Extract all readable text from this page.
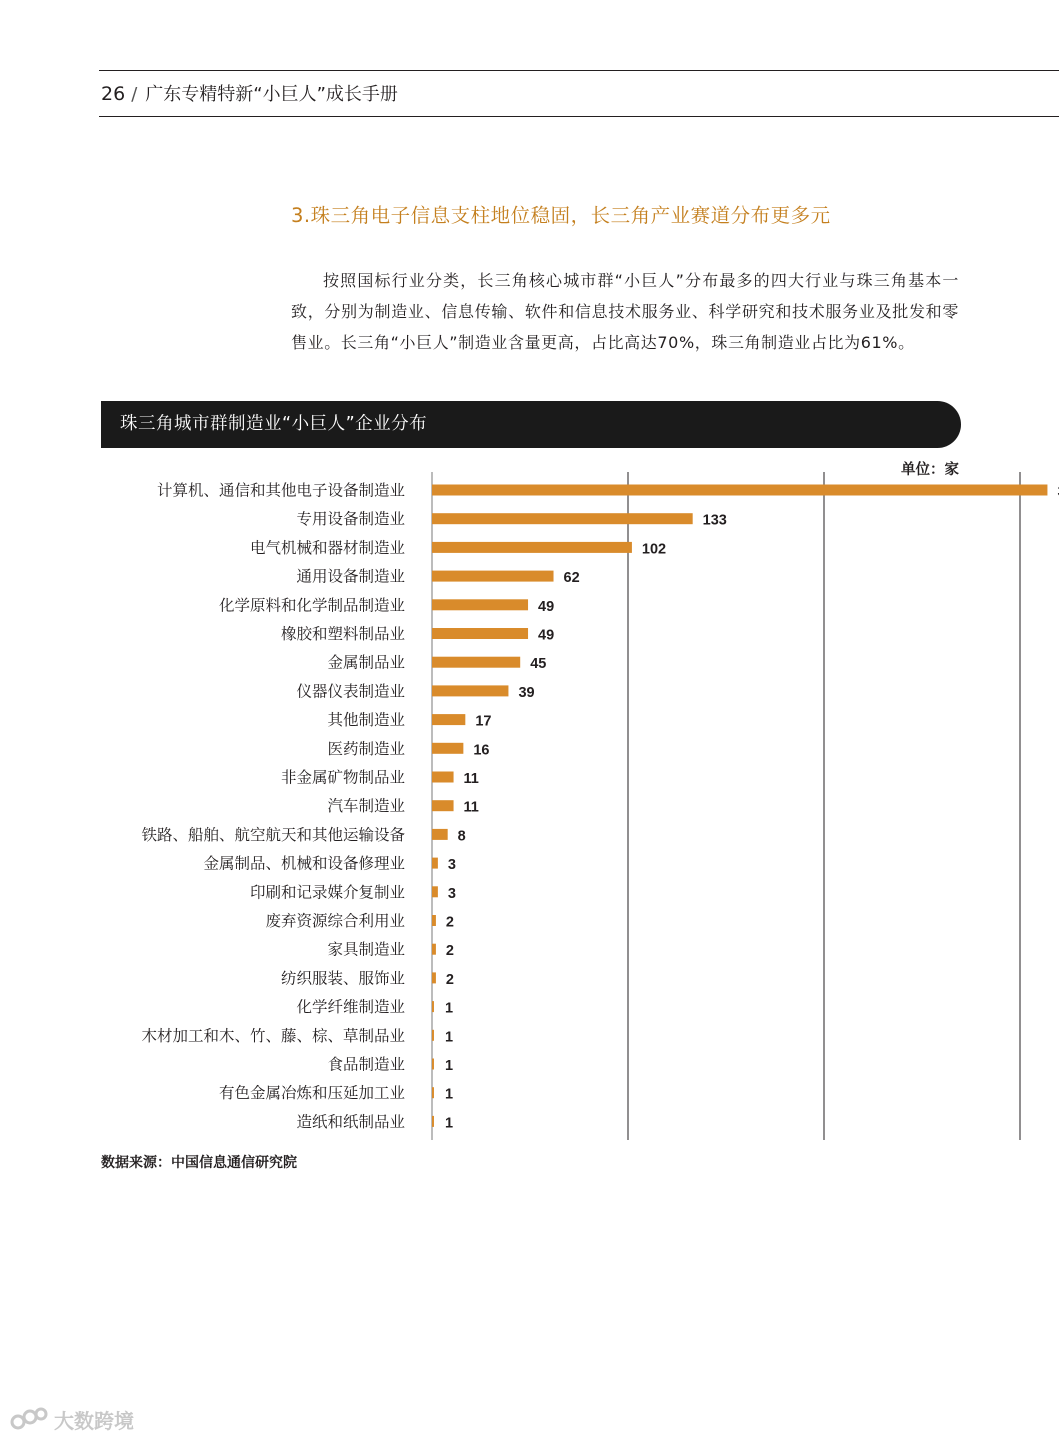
26 / 广东专精特新“小巨人”成长手册
3.珠三角电子信息支柱地位稳固，长三角产业赛道分布更多元

按照国标行业分类，长三角核心城市群“小巨人”分布最多的四大行业与珠三角基本一致，分别为制造业、信息传输、软件和信息技术服务业、科学研究和技术服务业及批发和零售业。长三角“小巨人”制造业含量更高，占比高达70%，珠三角制造业占比为61%。

珠三角城市群制造业“小巨人”企业分布
单位：家
计算机、通信和其他电子设备制造业
专用设备制造业
电气机械和器材制造业
通用设备制造业
化学原料和化学制品制造业
橡胶和塑料制品业
金属制品业
仪器仪表制造业
其他制造业
医药制造业
非金属矿物制品业
汽车制造业
铁路、船舶、航空航天和其他运输设备
金属制品、机械和设备修理业
印刷和记录媒介复制业
废弃资源综合利用业
家具制造业
纺织服装、服饰业
化学纤维制造业
木材加工和木、竹、藤、棕、草制品业
食品制造业
有色金属冶炼和压延加工业
造纸和纸制品业
133
102
62
49
49
45
39
17
16
11
11
8
3
3
2
2
2
1
1
1
1
1
数据来源：中国信息通信研究院
大数跨境
